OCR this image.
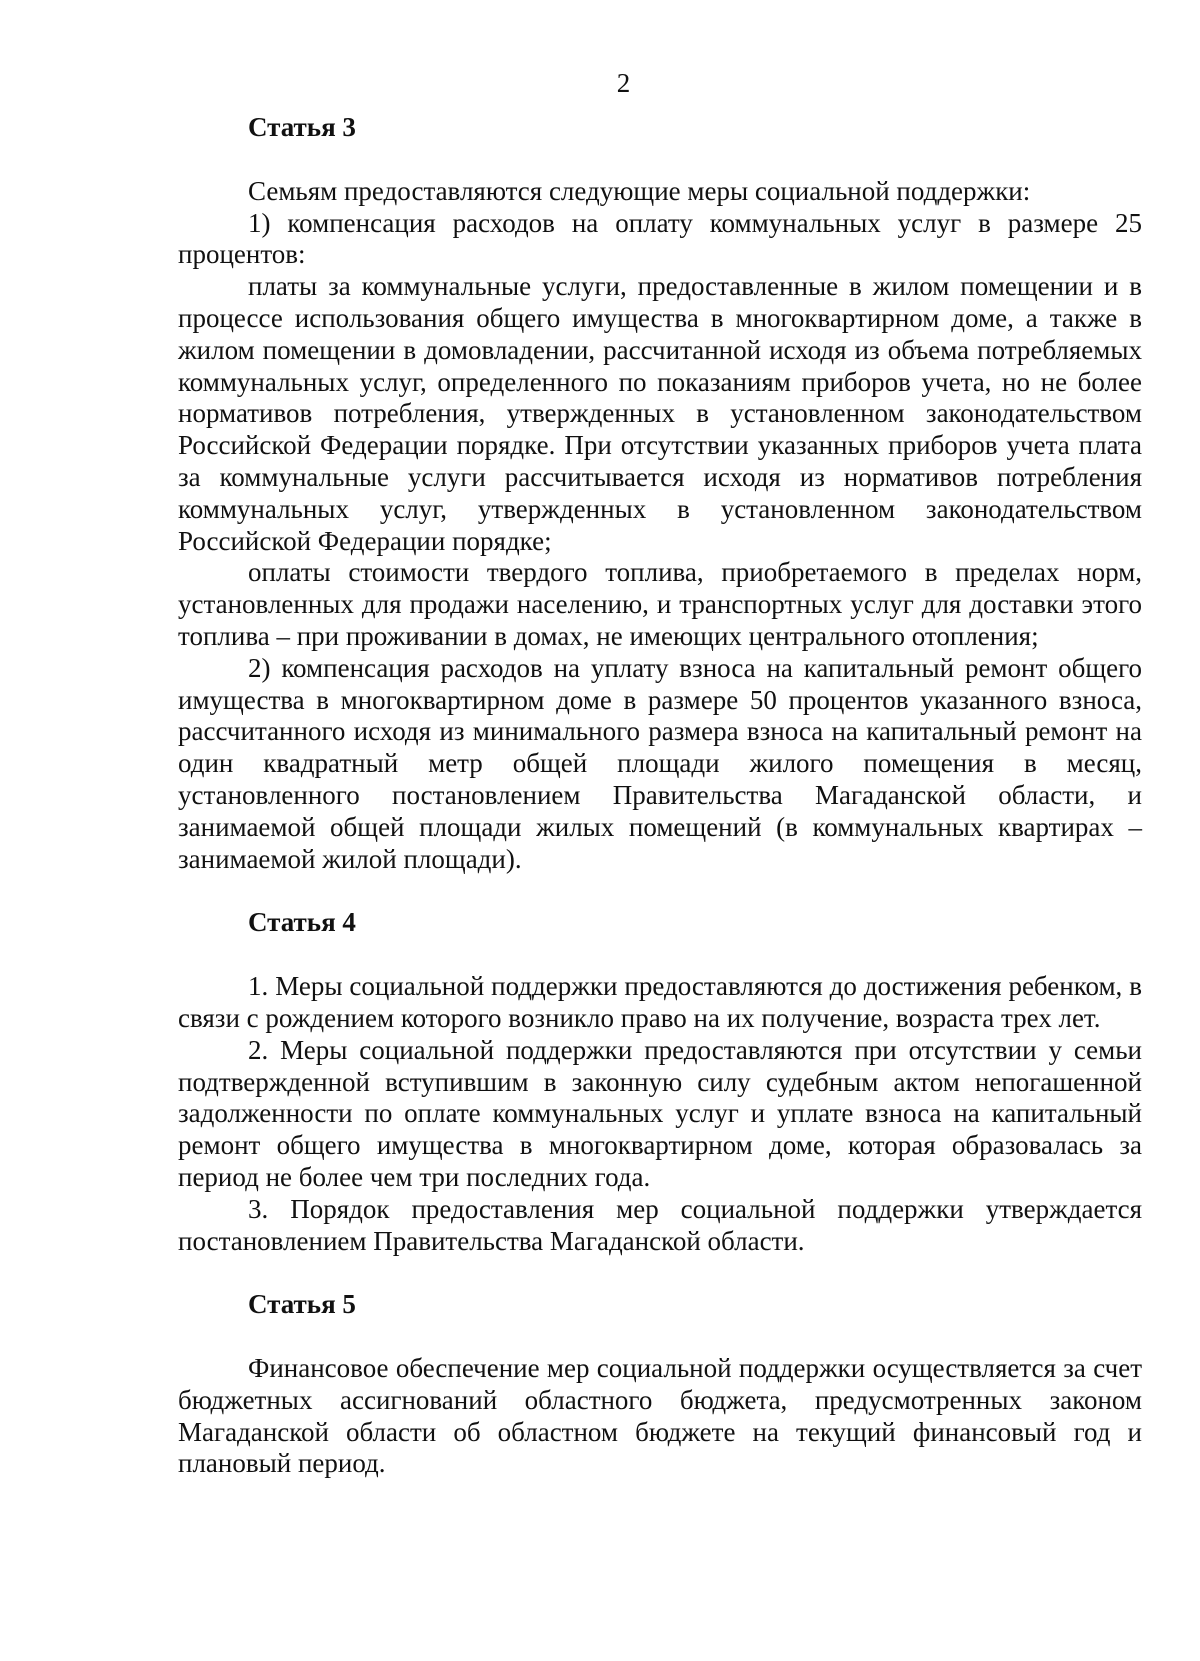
2
Статья 3

Семьям предоставляются следующие меры социальной поддержки:

1) компенсация расходов на оплату коммунальных услуг в размере 25 процентов:

платы за коммунальные услуги, предоставленные в жилом помещении и в процессе использования общего имущества в многоквартирном доме, а также в жилом помещении в домовладении, рассчитанной исходя из объема потребляемых коммунальных услуг, определенного по показаниям приборов учета, но не более нормативов потребления, утвержденных в установленном законодательством Российской Федерации порядке. При отсутствии указанных приборов учета плата за коммунальные услуги рассчитывается исходя из нормативов потребления коммунальных услуг, утвержденных в установленном законодательством Российской Федерации порядке;

оплаты стоимости твердого топлива, приобретаемого в пределах норм, установленных для продажи населению, и транспортных услуг для доставки этого топлива – при проживании в домах, не имеющих центрального отопления;

2) компенсация расходов на уплату взноса на капитальный ремонт общего имущества в многоквартирном доме в размере 50 процентов указанного взноса, рассчитанного исходя из минимального размера взноса на капитальный ремонт на один квадратный метр общей площади жилого помещения в месяц, установленного постановлением Правительства Магаданской области, и занимаемой общей площади жилых помещений (в коммунальных квартирах – занимаемой жилой площади).

Статья 4

1. Меры социальной поддержки предоставляются до достижения ребенком, в связи с рождением которого возникло право на их получение, возраста трех лет.

2. Меры социальной поддержки предоставляются при отсутствии у семьи подтвержденной вступившим в законную силу судебным актом непогашенной задолженности по оплате коммунальных услуг и уплате взноса на капитальный ремонт общего имущества в многоквартирном доме, которая образовалась за период не более чем три последних года.

3. Порядок предоставления мер социальной поддержки утверждается постановлением Правительства Магаданской области.

Статья 5

Финансовое обеспечение мер социальной поддержки осуществляется за счет бюджетных ассигнований областного бюджета, предусмотренных законом Магаданской области об областном бюджете на текущий финансовый год и плановый период.
